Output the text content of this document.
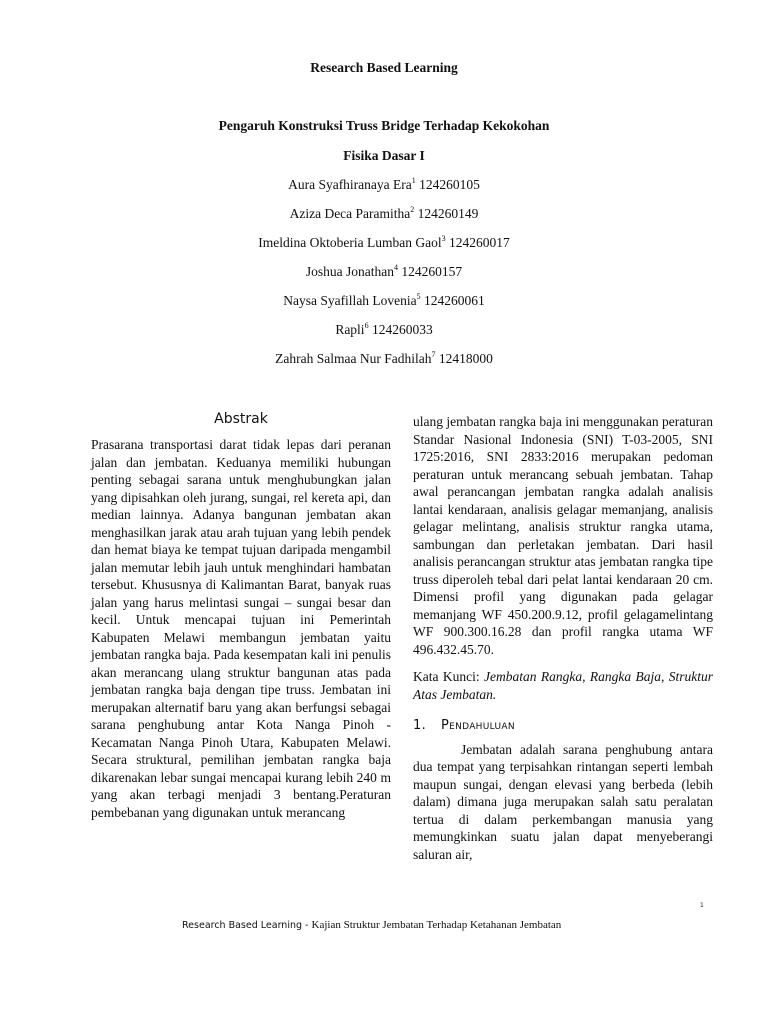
Research Based Learning
Pengaruh Konstruksi Truss Bridge Terhadap Kekokohan
Fisika Dasar I
Aura Syafhiranaya Era$^1$ 124260105
Aziza Deca Paramitha$^2$ 124260149
Imeldina Oktoberia Lumban Gaol$^3$ 124260017
Joshua Jonathan$^4$ 124260157
Naysa Syafillah Lovenia$^5$ 124260061
Rapli$^6$ 124260033
Zahrah Salmaa Nur Fadhilah$^7$ 12418000
Abstrak

Prasarana transportasi darat tidak lepas dari peranan jalan dan jembatan. Keduanya memiliki hubungan penting sebagai sarana untuk menghubungkan jalan yang dipisahkan oleh jurang, sungai, rel kereta api, dan median lainnya. Adanya bangunan jembatan akan menghasilkan jarak atau arah tujuan yang lebih pendek dan hemat biaya ke tempat tujuan daripada mengambil jalan memutar lebih jauh untuk menghindari hambatan tersebut. Khususnya di Kalimantan Barat, banyak ruas jalan yang harus melintasi sungai – sungai besar dan kecil. Untuk mencapai tujuan ini Pemerintah Kabupaten Melawi membangun jembatan yaitu jembatan rangka baja. Pada kesempatan kali ini penulis akan merancang ulang struktur bangunan atas pada jembatan rangka baja dengan tipe truss. Jembatan ini merupakan alternatif baru yang akan berfungsi sebagai sarana penghubung antar Kota Nanga Pinoh -Kecamatan Nanga Pinoh Utara, Kabupaten Melawi. Secara struktural, pemilihan jembatan rangka baja dikarenakan lebar sungai mencapai kurang lebih 240 m yang akan terbagi menjadi 3 bentang.Peraturan pembebanan yang digunakan untuk merancang

ulang jembatan rangka baja ini menggunakan peraturan Standar Nasional Indonesia (SNI) T-03-2005, SNI 1725:2016, SNI 2833:2016 merupakan pedoman peraturan untuk merancang sebuah jembatan. Tahap awal perancangan jembatan rangka adalah analisis lantai kendaraan, analisis gelagar memanjang, analisis gelagar melintang, analisis struktur rangka utama, sambungan dan perletakan jembatan. Dari hasil analisis perancangan struktur atas jembatan rangka tipe truss diperoleh tebal dari pelat lantai kendaraan 20 cm. Dimensi profil yang digunakan pada gelagar memanjang WF 450.200.9.12, profil gelagamelintang WF 900.300.16.28 dan profil rangka utama WF 496.432.45.70.

Kata Kunci: Jembatan Rangka, Rangka Baja, Struktur Atas Jembatan.

1. Pendahuluan

Jembatan adalah sarana penghubung antara dua tempat yang terpisahkan rintangan seperti lembah maupun sungai, dengan elevasi yang berbeda (lebih dalam) dimana juga merupakan salah satu peralatan tertua di dalam perkembangan manusia yang memungkinkan suatu jalan dapat menyeberangi saluran air,

1
Research Based Learning - Kajian Struktur Jembatan Terhadap Ketahanan Jembatan
